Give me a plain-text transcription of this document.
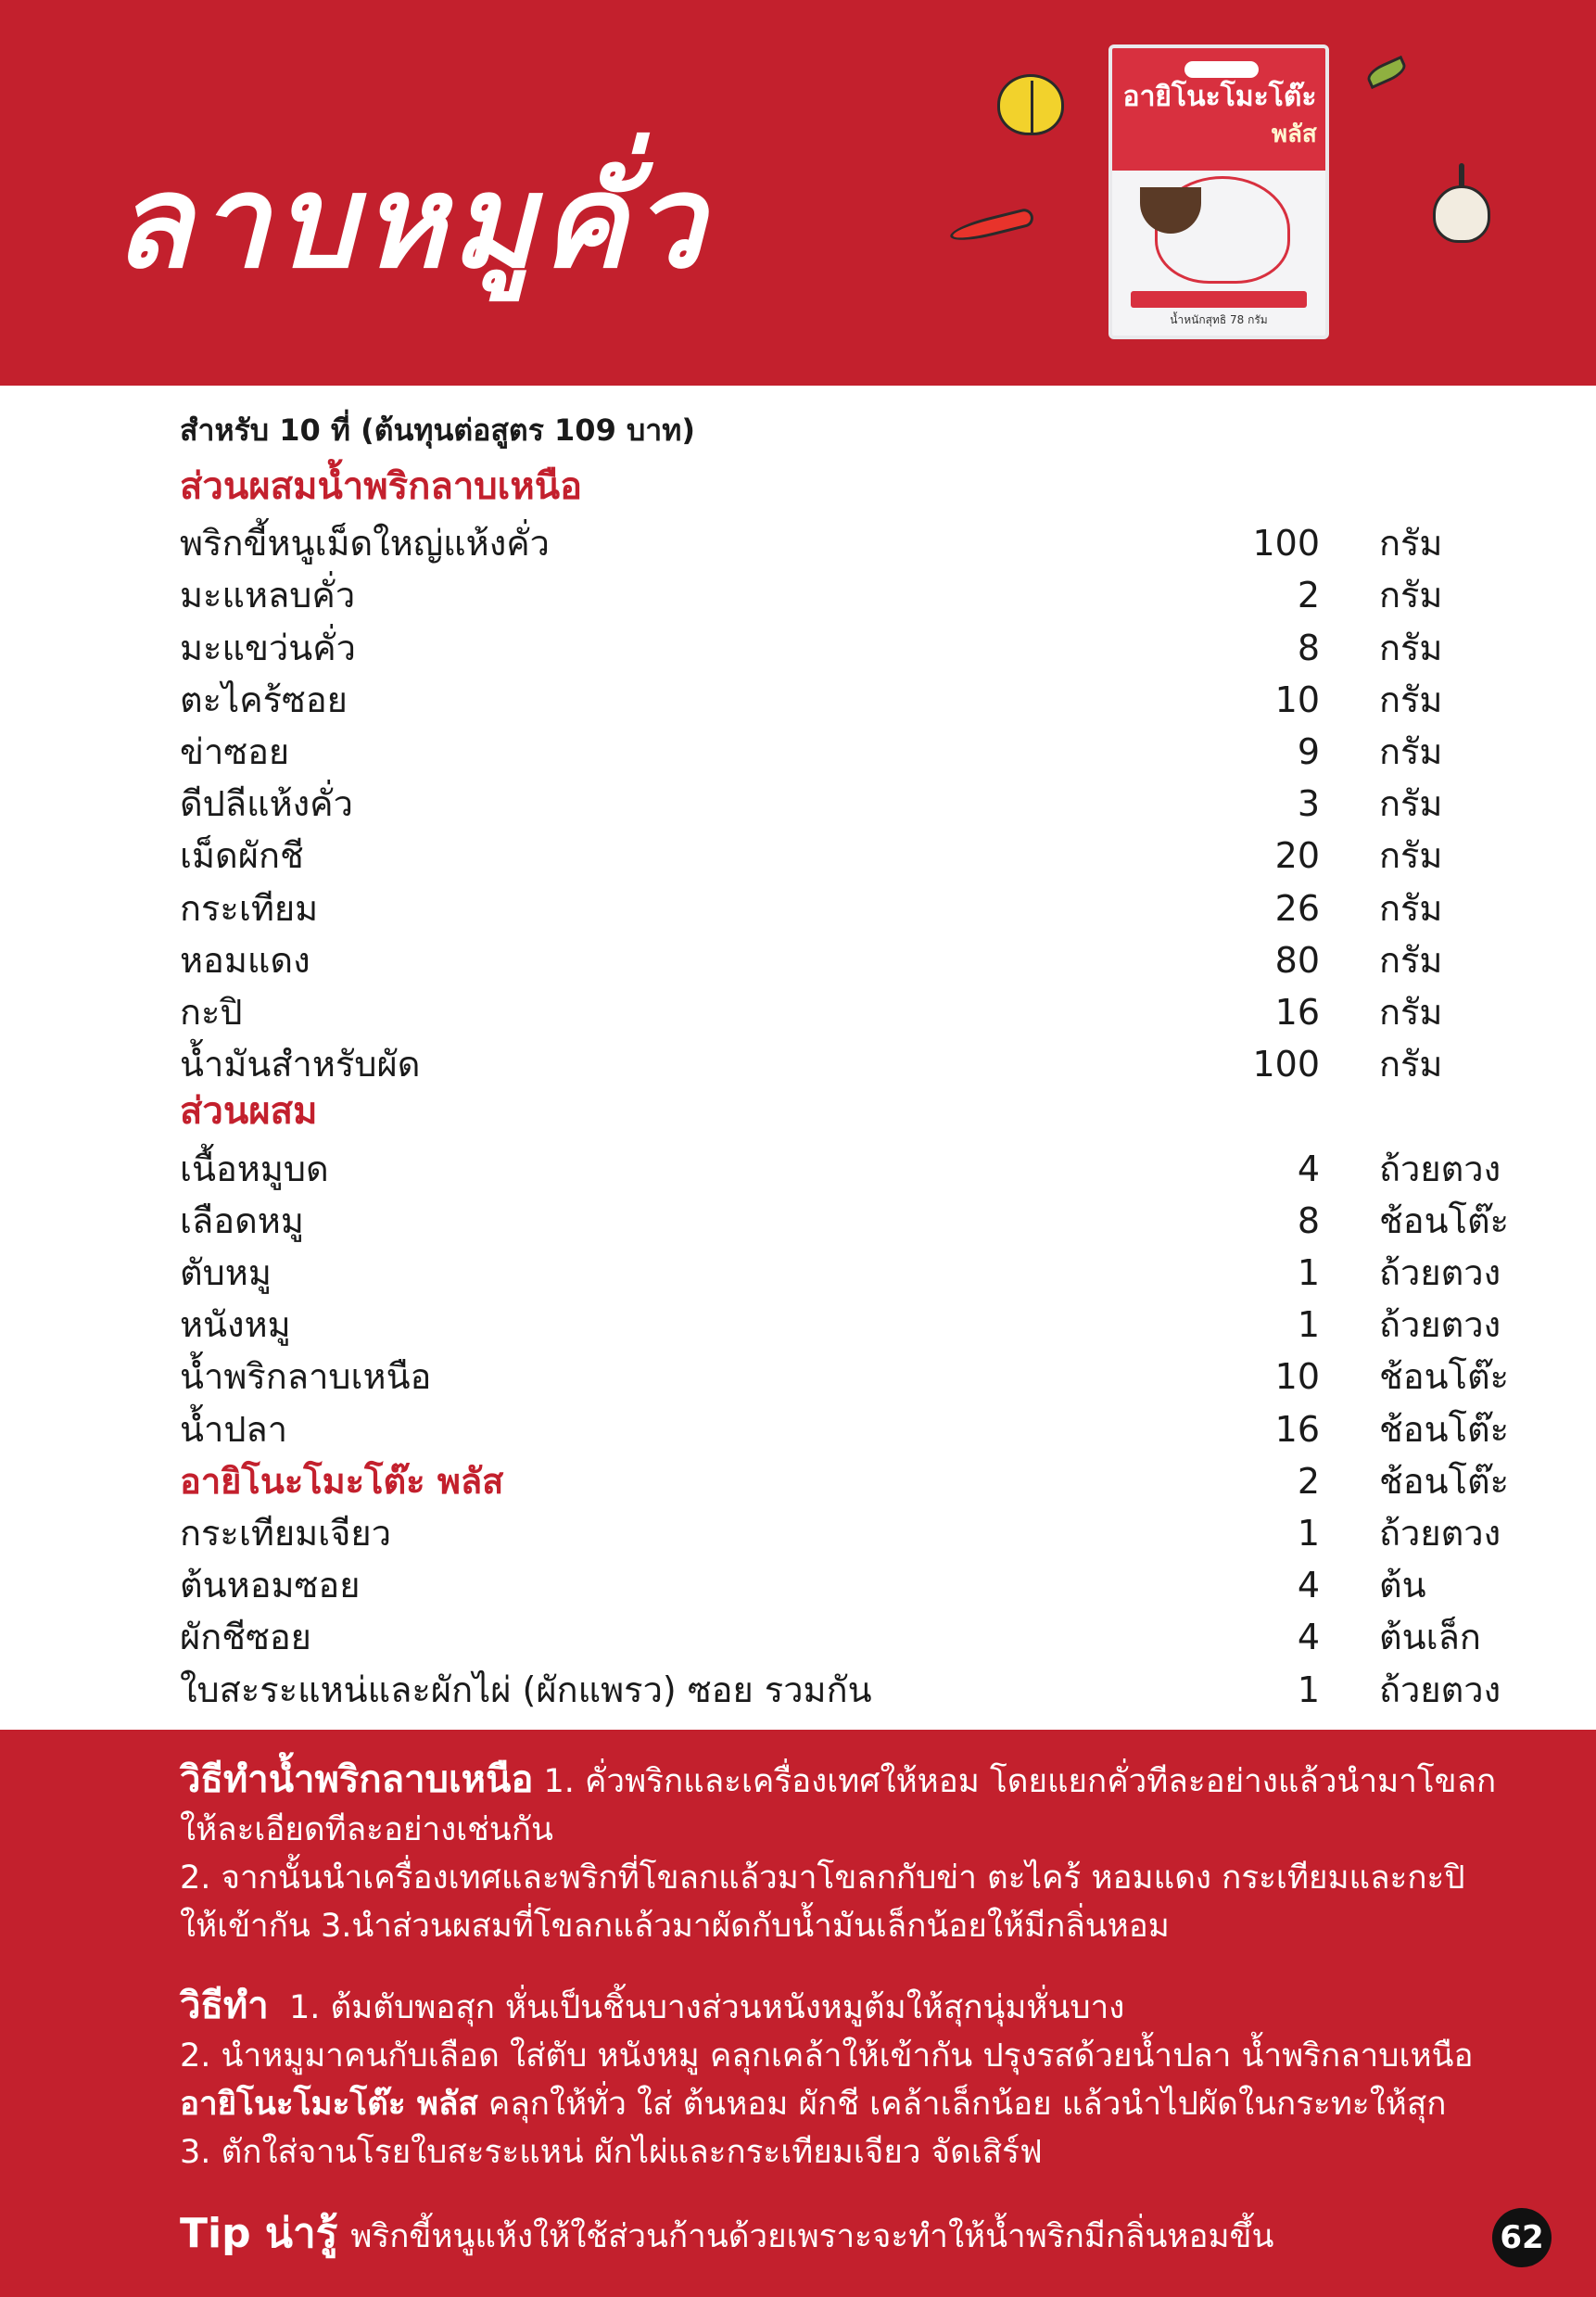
ลาบหมูคั่ว
อายิโนะโมะโต๊ะ
พลัส
น้ำหนักสุทธิ 78 กรัม
สำหรับ 10 ที่ (ต้นทุนต่อสูตร 109 บาท)
ส่วนผสมน้ำพริกลาบเหนือ
พริกขี้หนูเม็ดใหญ่แห้งคั่ว	100 กรัม
มะแหลบคั่ว	2 กรัม
มะแขว่นคั่ว	8 กรัม
ตะไคร้ซอย	10 กรัม
ข่าซอย	9 กรัม
ดีปลีแห้งคั่ว	3 กรัม
เม็ดผักชี	20 กรัม
กระเทียม	26 กรัม
หอมแดง	80 กรัม
กะปิ	16 กรัม
น้ำมันสำหรับผัด	100 กรัม
ส่วนผสม
เนื้อหมูบด	4 ถ้วยตวง
เลือดหมู	8 ช้อนโต๊ะ
ตับหมู	1 ถ้วยตวง
หนังหมู	1 ถ้วยตวง
น้ำพริกลาบเหนือ	10 ช้อนโต๊ะ
น้ำปลา	16 ช้อนโต๊ะ
อายิโนะโมะโต๊ะ พลัส	2 ช้อนโต๊ะ
กระเทียมเจียว	1 ถ้วยตวง
ต้นหอมซอย	4 ต้น
ผักชีซอย	4 ต้นเล็ก
ใบสะระแหน่และผักไผ่ (ผักแพรว) ซอย รวมกัน	1 ถ้วยตวง
วิธีทำน้ำพริกลาบเหนือ 1. คั่วพริกและเครื่องเทศให้หอม โดยแยกคั่วทีละอย่างแล้วนำมาโขลก
ให้ละเอียดทีละอย่างเช่นกัน
2. จากนั้นนำเครื่องเทศและพริกที่โขลกแล้วมาโขลกกับข่า ตะไคร้ หอมแดง กระเทียมและกะปิ
ให้เข้ากัน 3.นำส่วนผสมที่โขลกแล้วมาผัดกับน้ำมันเล็กน้อยให้มีกลิ่นหอม
วิธีทำ 1. ต้มตับพอสุก หั่นเป็นชิ้นบางส่วนหนังหมูต้มให้สุกนุ่มหั่นบาง
2. นำหมูมาคนกับเลือด ใส่ตับ หนังหมู คลุกเคล้าให้เข้ากัน ปรุงรสด้วยน้ำปลา น้ำพริกลาบเหนือ
อายิโนะโมะโต๊ะ พลัส คลุกให้ทั่ว ใส่ ต้นหอม ผักชี เคล้าเล็กน้อย แล้วนำไปผัดในกระทะให้สุก
3. ตักใส่จานโรยใบสะระแหน่ ผักไผ่และกระเทียมเจียว จัดเสิร์ฟ
Tip น่ารู้ พริกขี้หนูแห้งให้ใช้ส่วนก้านด้วยเพราะจะทำให้น้ำพริกมีกลิ่นหอมขึ้น	62
